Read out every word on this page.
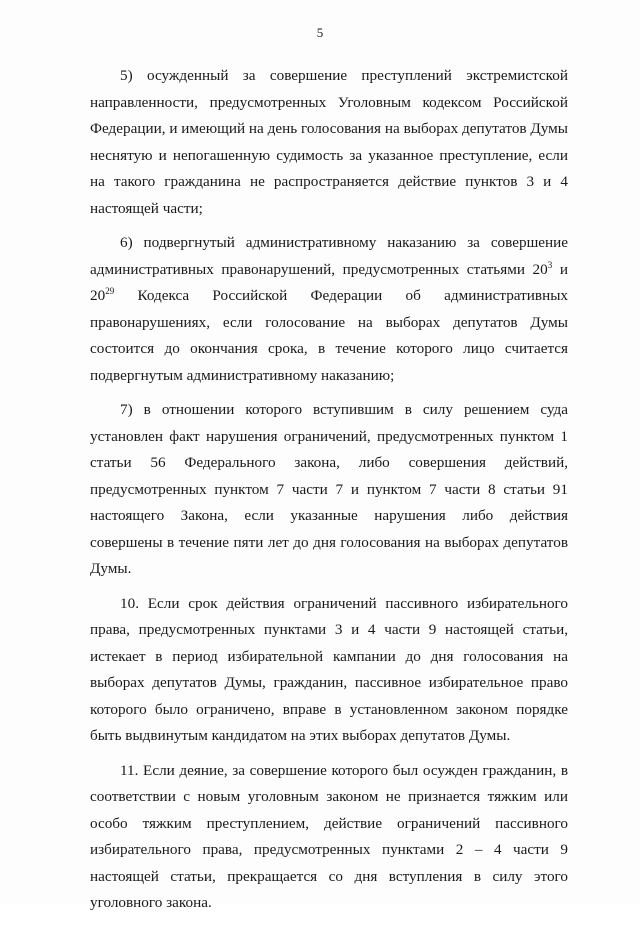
5

5) осужденный за совершение преступлений экстремистской направленности, предусмотренных Уголовным кодексом Российской Федерации, и имеющий на день голосования на выборах депутатов Думы неснятую и непогашенную судимость за указанное преступление, если на такого гражданина не распространяется действие пунктов 3 и 4 настоящей части;

6) подвергнутый административному наказанию за совершение административных правонарушений, предусмотренных статьями $20^3$ и $20^{29}$ Кодекса Российской Федерации об административных правонарушениях, если голосование на выборах депутатов Думы состоится до окончания срока, в течение которого лицо считается подвергнутым административному наказанию;

7) в отношении которого вступившим в силу решением суда установлен факт нарушения ограничений, предусмотренных пунктом 1 статьи 56 Федерального закона, либо совершения действий, предусмотренных пунктом 7 части 7 и пунктом 7 части 8 статьи 91 настоящего Закона, если указанные нарушения либо действия совершены в течение пяти лет до дня голосования на выборах депутатов Думы.

10. Если срок действия ограничений пассивного избирательного права, предусмотренных пунктами 3 и 4 части 9 настоящей статьи, истекает в период избирательной кампании до дня голосования на выборах депутатов Думы, гражданин, пассивное избирательное право которого было ограничено, вправе в установленном законом порядке быть выдвинутым кандидатом на этих выборах депутатов Думы.

11. Если деяние, за совершение которого был осужден гражданин, в соответствии с новым уголовным законом не признается тяжким или особо тяжким преступлением, действие ограничений пассивного избирательного права, предусмотренных пунктами 2 – 4 части 9 настоящей статьи, прекращается со дня вступления в силу этого уголовного закона.
